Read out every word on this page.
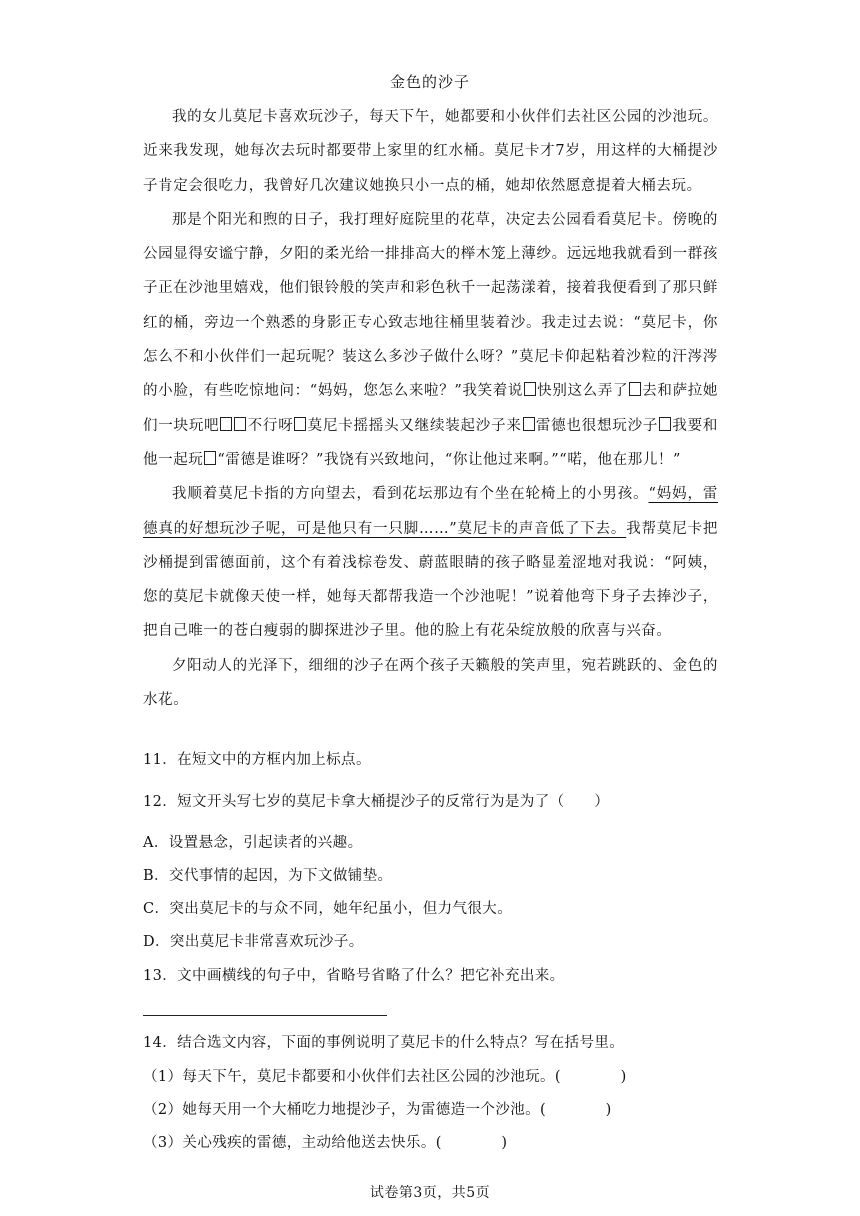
金色的沙子

我的女儿莫尼卡喜欢玩沙子，每天下午，她都要和小伙伴们去社区公园的沙池玩。近来我发现，她每次去玩时都要带上家里的红水桶。莫尼卡才7岁，用这样的大桶提沙子肯定会很吃力，我曾好几次建议她换只小一点的桶，她却依然愿意提着大桶去玩。

那是个阳光和煦的日子，我打理好庭院里的花草，决定去公园看看莫尼卡。傍晚的公园显得安谧宁静，夕阳的柔光给一排排高大的榉木笼上薄纱。远远地我就看到一群孩子正在沙池里嬉戏，他们银铃般的笑声和彩色秋千一起荡漾着，接着我便看到了那只鲜红的桶，旁边一个熟悉的身影正专心致志地往桶里装着沙。我走过去说：“莫尼卡，你怎么不和小伙伴们一起玩呢？装这么多沙子做什么呀？”莫尼卡仰起粘着沙粒的汗涔涔的小脸，有些吃惊地问：“妈妈，您怎么来啦？”我笑着说 快别这么弄了 去和萨拉她们一块玩吧 不行呀 莫尼卡摇摇头又继续装起沙子来 雷德也很想玩沙子 我要和他一起玩 “雷德是谁呀？”我饶有兴致地问，“你让他过来啊。”“喏，他在那儿！”

我顺着莫尼卡指的方向望去，看到花坛那边有个坐在轮椅上的小男孩。“妈妈，雷德真的好想玩沙子呢，可是他只有一只脚……”莫尼卡的声音低了下去。我帮莫尼卡把沙桶提到雷德面前，这个有着浅棕卷发、蔚蓝眼睛的孩子略显羞涩地对我说：“阿姨，您的莫尼卡就像天使一样，她每天都帮我造一个沙池呢！”说着他弯下身子去捧沙子，把自己唯一的苍白瘦弱的脚探进沙子里。他的脸上有花朵绽放般的欣喜与兴奋。

夕阳动人的光泽下，细细的沙子在两个孩子天籁般的笑声里，宛若跳跃的、金色的水花。

11．在短文中的方框内加上标点。
12．短文开头写七岁的莫尼卡拿大桶提沙子的反常行为是为了（　　）
A．设置悬念，引起读者的兴趣。
B．交代事情的起因，为下文做铺垫。
C．突出莫尼卡的与众不同，她年纪虽小，但力气很大。
D．突出莫尼卡非常喜欢玩沙子。
13．文中画横线的句子中，省略号省略了什么？把它补充出来。
14．结合选文内容，下面的事例说明了莫尼卡的什么特点？写在括号里。
（1）每天下午，莫尼卡都要和小伙伴们去社区公园的沙池玩。(　　　　)
（2）她每天用一个大桶吃力地提沙子，为雷德造一个沙池。(　　　　)
（3）关心残疾的雷德，主动给他送去快乐。(　　　　)
试卷第3页，共5页
